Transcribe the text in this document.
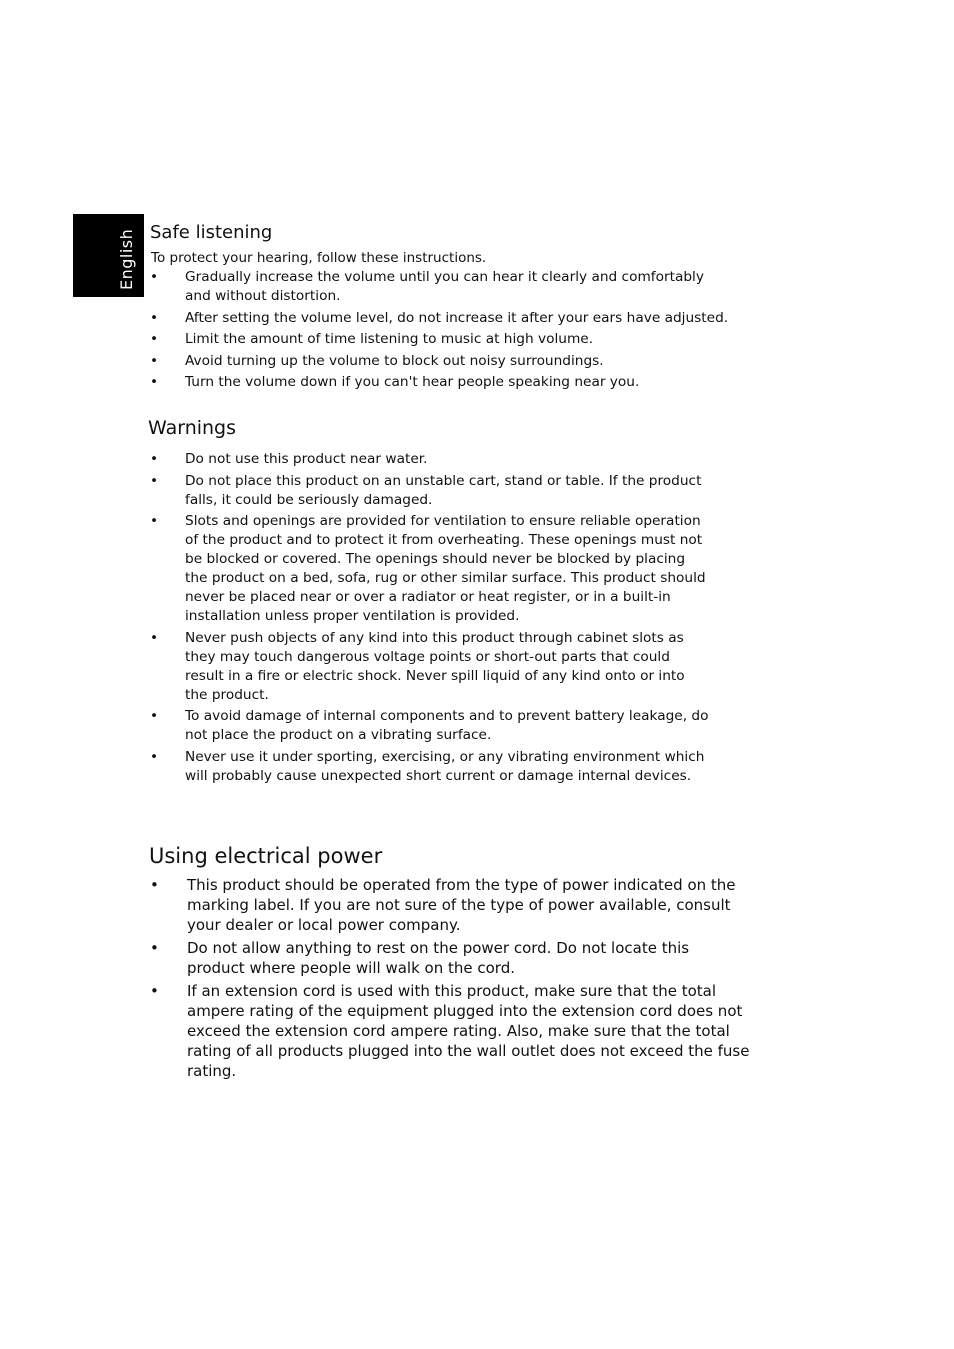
English Safe listening

To protect your hearing, follow these instructions.

• Gradually increase the volume until you can hear it clearly and comfortably and without distortion.
• After setting the volume level, do not increase it after your ears have adjusted.
• Limit the amount of time listening to music at high volume.
• Avoid turning up the volume to block out noisy surroundings.
• Turn the volume down if you can't hear people speaking near you.
Warnings
• Do not use this product near water.
• Do not place this product on an unstable cart, stand or table. If the product falls, it could be seriously damaged.
• Slots and openings are provided for ventilation to ensure reliable operation of the product and to protect it from overheating. These openings must not be blocked or covered. The openings should never be blocked by placing the product on a bed, sofa, rug or other similar surface. This product should never be placed near or over a radiator or heat register, or in a built-in installation unless proper ventilation is provided.
• Never push objects of any kind into this product through cabinet slots as they may touch dangerous voltage points or short-out parts that could result in a fire or electric shock. Never spill liquid of any kind onto or into the product.
• To avoid damage of internal components and to prevent battery leakage, do not place the product on a vibrating surface.
• Never use it under sporting, exercising, or any vibrating environment which will probably cause unexpected short current or damage internal devices.
Using electrical power
• This product should be operated from the type of power indicated on the marking label. If you are not sure of the type of power available, consult your dealer or local power company.
• Do not allow anything to rest on the power cord. Do not locate this product where people will walk on the cord.
• If an extension cord is used with this product, make sure that the total ampere rating of the equipment plugged into the extension cord does not exceed the extension cord ampere rating. Also, make sure that the total rating of all products plugged into the wall outlet does not exceed the fuse rating.
